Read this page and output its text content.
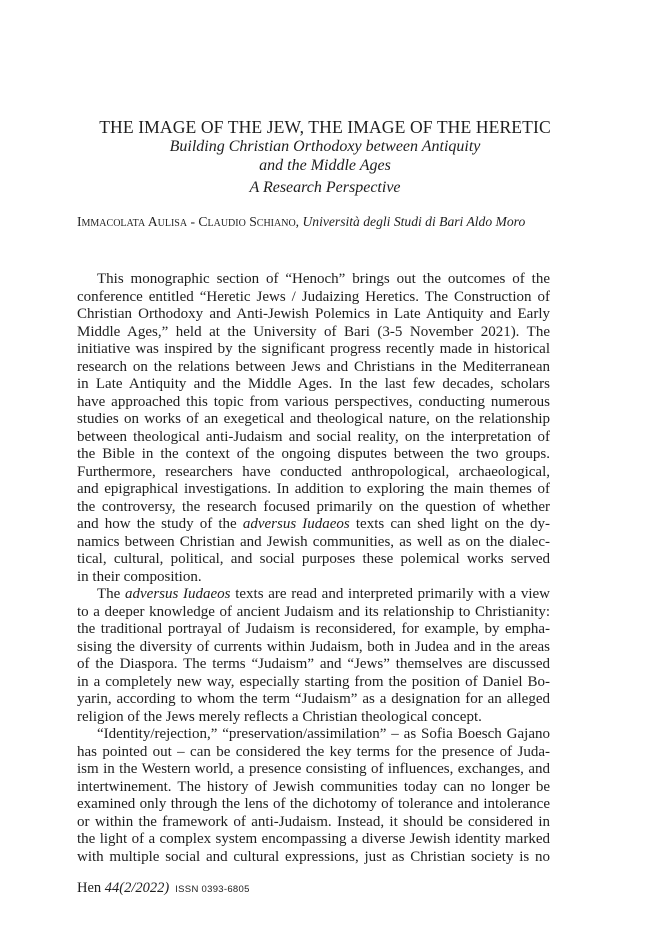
THE IMAGE OF THE JEW, THE IMAGE OF THE HERETIC
Building Christian Orthodoxy between Antiquity
and the Middle Ages
A Research Perspective
Immacolata Aulisa - Claudio Schiano, Università degli Studi di Bari Aldo Moro
This monographic section of “Henoch” brings out the outcomes of the
conference entitled “Heretic Jews / Judaizing Heretics. The Construction of
Christian Orthodoxy and Anti-Jewish Polemics in Late Antiquity and Early
Middle Ages,” held at the University of Bari (3-5 November 2021). The
initiative was inspired by the significant progress recently made in historical
research on the relations between Jews and Christians in the Mediterranean
in Late Antiquity and the Middle Ages. In the last few decades, scholars
have approached this topic from various perspectives, conducting numerous
studies on works of an exegetical and theological nature, on the relationship
between theological anti-Judaism and social reality, on the interpretation of
the Bible in the context of the ongoing disputes between the two groups.
Furthermore, researchers have conducted anthropological, archaeological,
and epigraphical investigations. In addition to exploring the main themes of
the controversy, the research focused primarily on the question of whether
and how the study of the adversus Iudaeos texts can shed light on the dy-
namics between Christian and Jewish communities, as well as on the dialec-
tical, cultural, political, and social purposes these polemical works served
in their composition.
The adversus Iudaeos texts are read and interpreted primarily with a view
to a deeper knowledge of ancient Judaism and its relationship to Christianity:
the traditional portrayal of Judaism is reconsidered, for example, by empha-
sising the diversity of currents within Judaism, both in Judea and in the areas
of the Diaspora. The terms “Judaism” and “Jews” themselves are discussed
in a completely new way, especially starting from the position of Daniel Bo-
yarin, according to whom the term “Judaism” as a designation for an alleged
religion of the Jews merely reflects a Christian theological concept.
“Identity/rejection,” “preservation/assimilation” – as Sofia Boesch Gajano
has pointed out – can be considered the key terms for the presence of Juda-
ism in the Western world, a presence consisting of influences, exchanges, and
intertwinement. The history of Jewish communities today can no longer be
examined only through the lens of the dichotomy of tolerance and intolerance
or within the framework of anti-Judaism. Instead, it should be considered in
the light of a complex system encompassing a diverse Jewish identity marked
with multiple social and cultural expressions, just as Christian society is no
Hen 44(2/2022) ISSN 0393-6805
